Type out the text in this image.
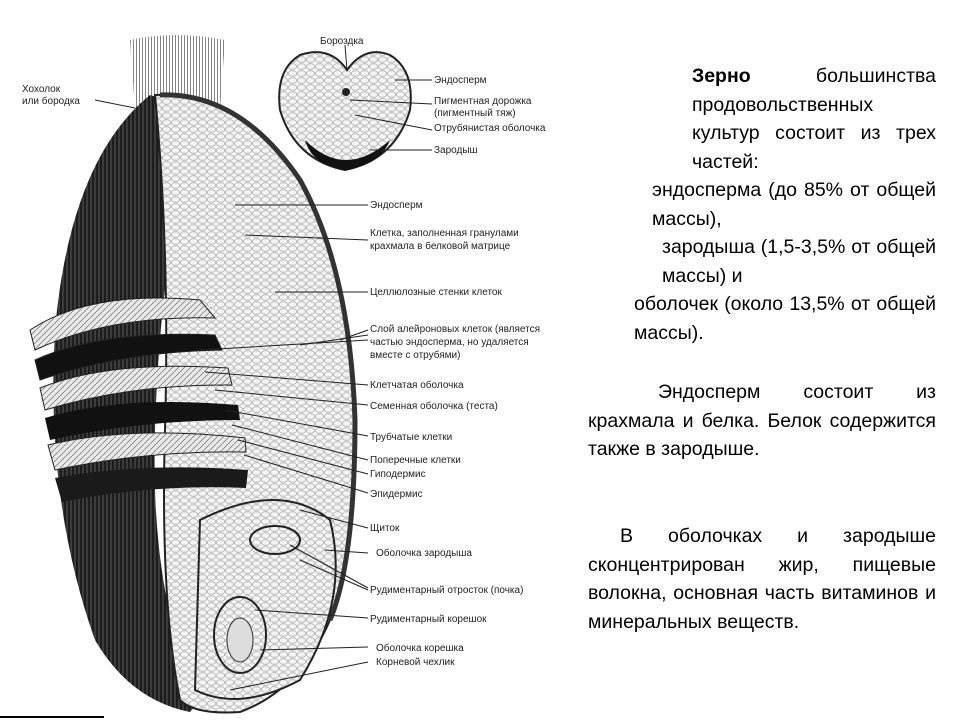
Бороздка
Хохолок
или бородка
Эндосперм
Пигментная дорожка
(пигментный тяж)
Отрубянистая оболочка
Зародыш
Эндосперм
Клетка, заполненная гранулами
крахмала в белковой матрице
Целлюлозные стенки клеток
Слой алейроновых клеток (является
частью эндосперма, но удаляется
вместе с отрубями)
Клетчатая оболочка
Семенная оболочка (теста)
Трубчатые клетки
Поперечные клетки
Гиподермис
Эпидермис
Щиток
Оболочка зародыша
Рудиментарный отросток (почка)
Рудиментарный корешок
Оболочка корешка
Корневой чехлик

Зерно большинства продовольственных культур состоит из трех частей:

эндосперма (до 85% от общей массы),

зародыша (1,5-3,5% от общей массы) и

оболочек (около 13,5% от общей массы).

Эндосперм состоит из крахмала и белка. Белок содержится также в зародыше.

В оболочках и зародыше сконцентрирован жир, пищевые волокна, основная часть витаминов и минеральных веществ.
